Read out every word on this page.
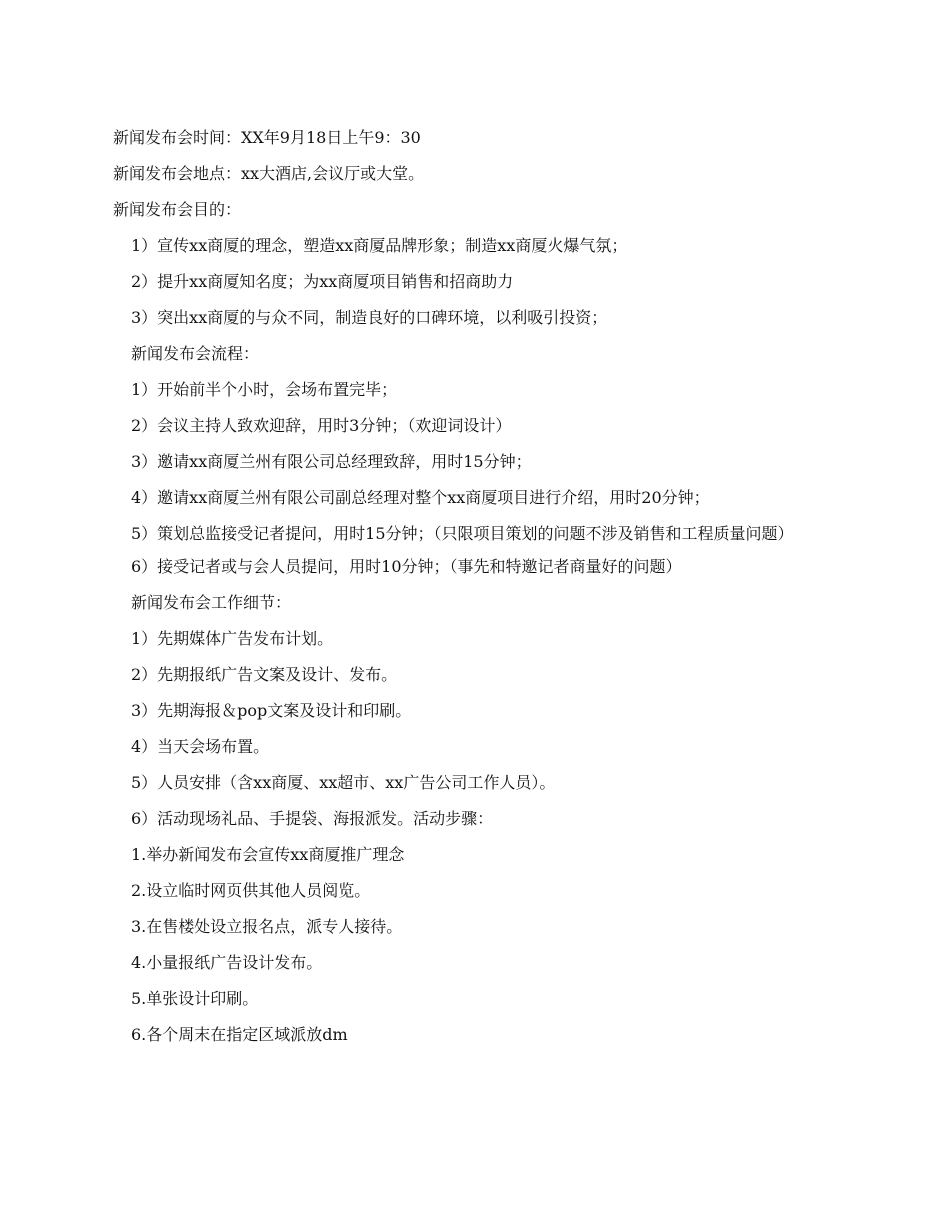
新闻发布会时间：XX年9月18日上午9：30
新闻发布会地点：xx大酒店,会议厅或大堂。
新闻发布会目的：
1）宣传xx商厦的理念，塑造xx商厦品牌形象；制造xx商厦火爆气氛；
2）提升xx商厦知名度；为xx商厦项目销售和招商助力
3）突出xx商厦的与众不同，制造良好的口碑环境，以利吸引投资；
新闻发布会流程：
1）开始前半个小时，会场布置完毕；
2）会议主持人致欢迎辞，用时3分钟；（欢迎词设计）
3）邀请xx商厦兰州有限公司总经理致辞，用时15分钟；
4）邀请xx商厦兰州有限公司副总经理对整个xx商厦项目进行介绍，用时20分钟；
5）策划总监接受记者提问，用时15分钟；（只限项目策划的问题不涉及销售和工程质量问题）
6）接受记者或与会人员提问，用时10分钟；（事先和特邀记者商量好的问题）
新闻发布会工作细节：
1）先期媒体广告发布计划。
2）先期报纸广告文案及设计、发布。
3）先期海报＆pop文案及设计和印刷。
4）当天会场布置。
5）人员安排（含xx商厦、xx超市、xx广告公司工作人员）。
6）活动现场礼品、手提袋、海报派发。活动步骤：
1.举办新闻发布会宣传xx商厦推广理念
2.设立临时网页供其他人员阅览。
3.在售楼处设立报名点，派专人接待。
4.小量报纸广告设计发布。
5.单张设计印刷。
6.各个周末在指定区域派放dm
